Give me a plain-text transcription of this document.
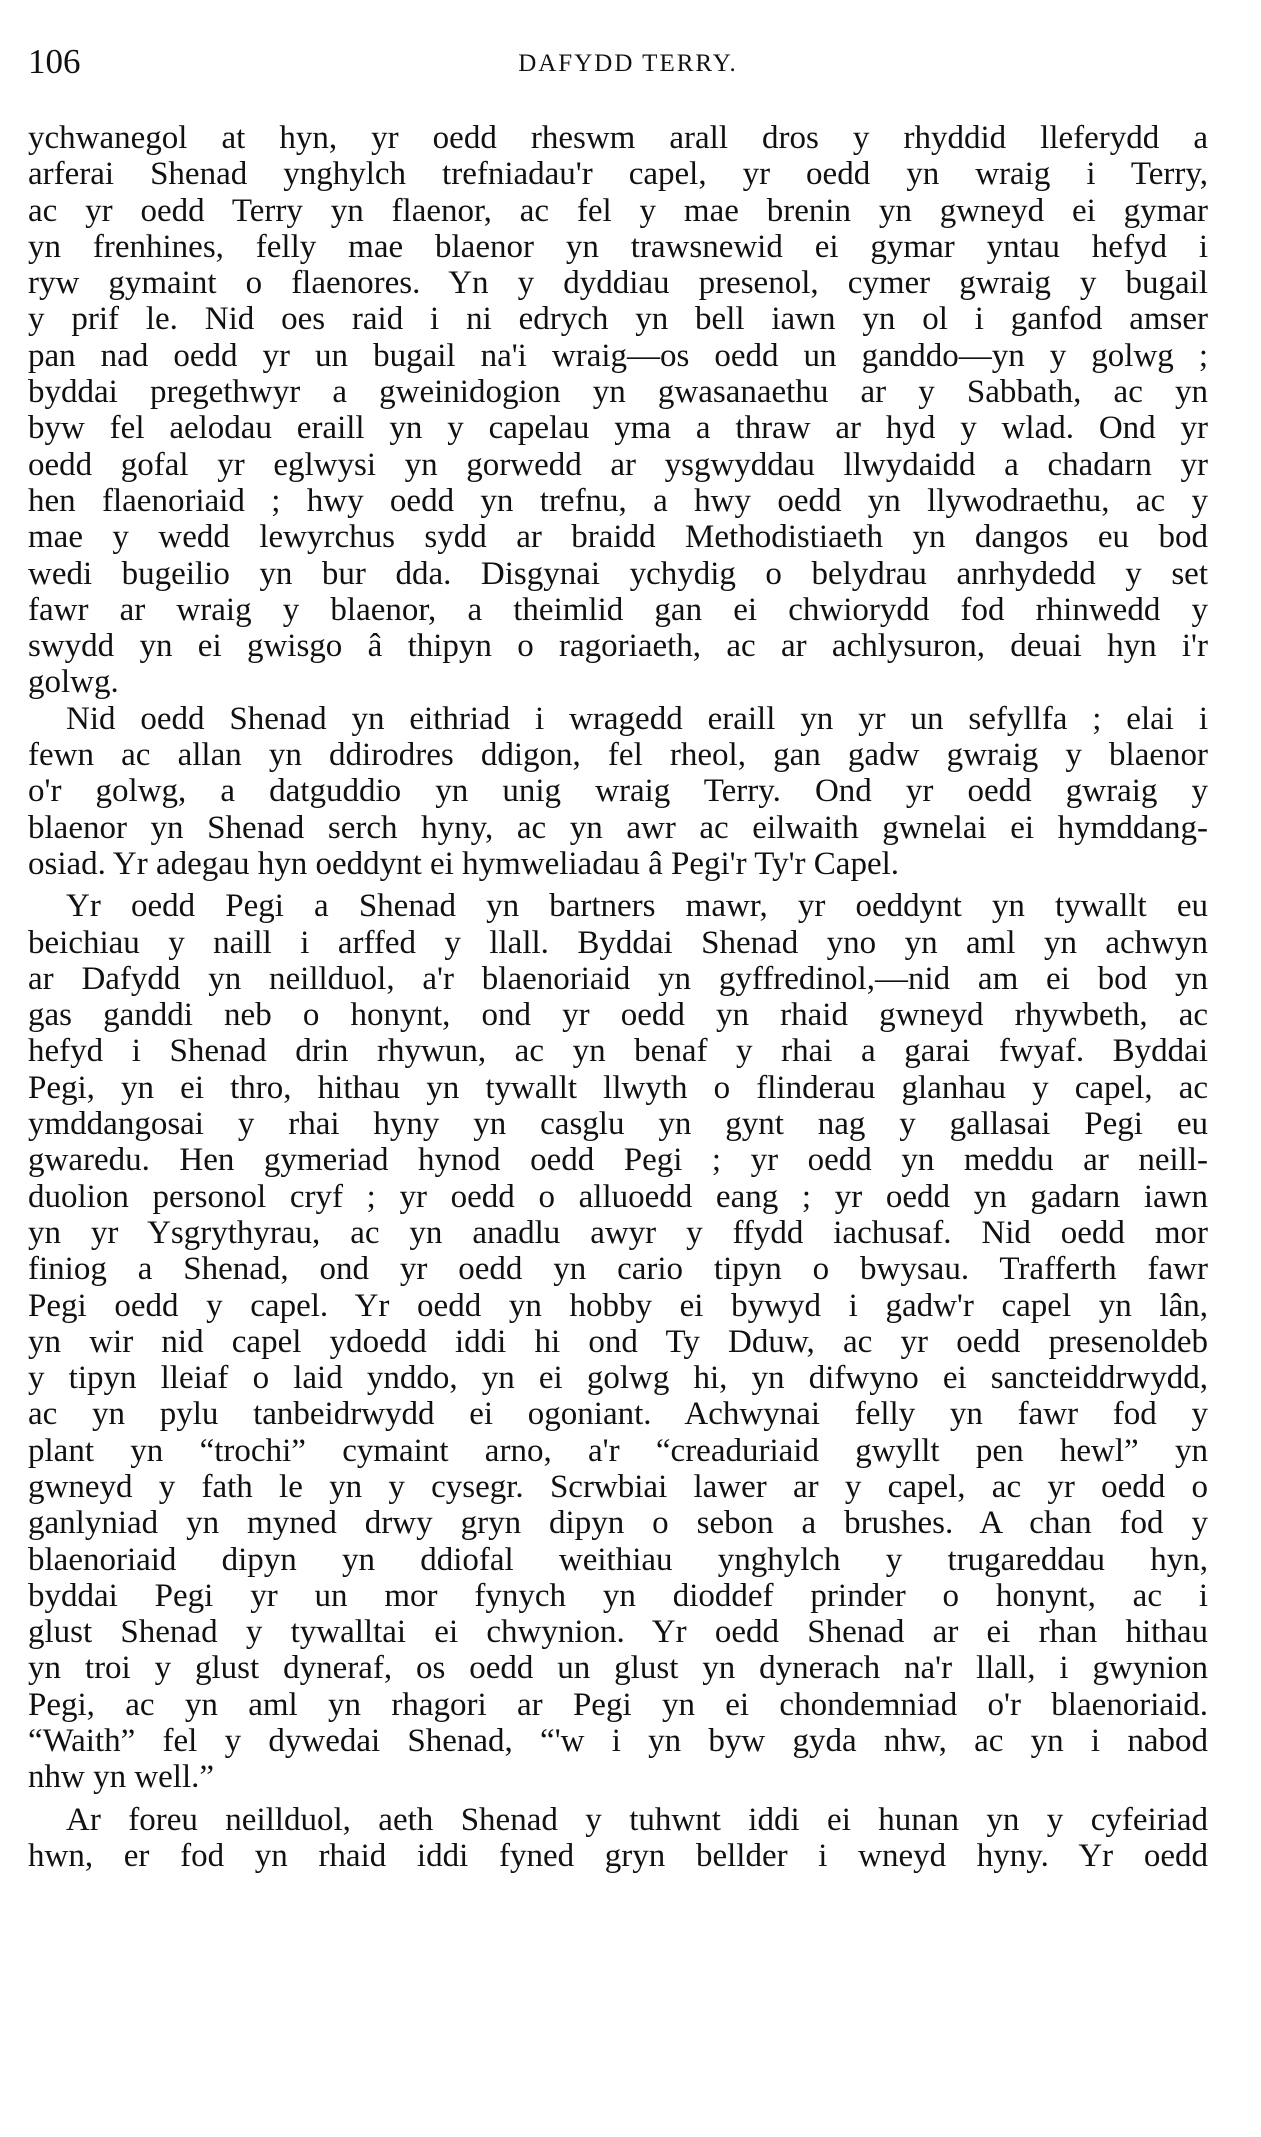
106	DAFYDD TERRY.
ychwanegol at hyn, yr oedd rheswm arall dros y rhyddid lleferydd a
arferai Shenad ynghylch trefniadau'r capel, yr oedd yn wraig i Terry,
ac yr oedd Terry yn flaenor, ac fel y mae brenin yn gwneyd ei gymar
yn frenhines, felly mae blaenor yn trawsnewid ei gymar yntau hefyd i
ryw gymaint o flaenores. Yn y dyddiau presenol, cymer gwraig y bugail
y prif le. Nid oes raid i ni edrych yn bell iawn yn ol i ganfod amser
pan nad oedd yr un bugail na'i wraig—os oedd un ganddo—yn y golwg ;
byddai pregethwyr a gweinidogion yn gwasanaethu ar y Sabbath, ac yn
byw fel aelodau eraill yn y capelau yma a thraw ar hyd y wlad. Ond yr
oedd gofal yr eglwysi yn gorwedd ar ysgwyddau llwydaidd a chadarn yr
hen flaenoriaid ; hwy oedd yn trefnu, a hwy oedd yn llywodraethu, ac y
mae y wedd lewyrchus sydd ar braidd Methodistiaeth yn dangos eu bod
wedi bugeilio yn bur dda. Disgynai ychydig o belydrau anrhydedd y set
fawr ar wraig y blaenor, a theimlid gan ei chwiorydd fod rhinwedd y
swydd yn ei gwisgo â thipyn o ragoriaeth, ac ar achlysuron, deuai hyn i'r
golwg.
Nid oedd Shenad yn eithriad i wragedd eraill yn yr un sefyllfa ; elai i
fewn ac allan yn ddirodres ddigon, fel rheol, gan gadw gwraig y blaenor
o'r golwg, a datguddio yn unig wraig Terry. Ond yr oedd gwraig y
blaenor yn Shenad serch hyny, ac yn awr ac eilwaith gwnelai ei hymddang-
osiad. Yr adegau hyn oeddynt ei hymweliadau â Pegi'r Ty'r Capel.
Yr oedd Pegi a Shenad yn bartners mawr, yr oeddynt yn tywallt eu
beichiau y naill i arffed y llall. Byddai Shenad yno yn aml yn achwyn
ar Dafydd yn neillduol, a'r blaenoriaid yn gyffredinol,—nid am ei bod yn
gas ganddi neb o honynt, ond yr oedd yn rhaid gwneyd rhywbeth, ac
hefyd i Shenad drin rhywun, ac yn benaf y rhai a garai fwyaf. Byddai
Pegi, yn ei thro, hithau yn tywallt llwyth o flinderau glanhau y capel, ac
ymddangosai y rhai hyny yn casglu yn gynt nag y gallasai Pegi eu
gwaredu. Hen gymeriad hynod oedd Pegi ; yr oedd yn meddu ar neill-
duolion personol cryf ; yr oedd o alluoedd eang ; yr oedd yn gadarn iawn
yn yr Ysgrythyrau, ac yn anadlu awyr y ffydd iachusaf. Nid oedd mor
finiog a Shenad, ond yr oedd yn cario tipyn o bwysau. Trafferth fawr
Pegi oedd y capel. Yr oedd yn hobby ei bywyd i gadw'r capel yn lân,
yn wir nid capel ydoedd iddi hi ond Ty Dduw, ac yr oedd presenoldeb
y tipyn lleiaf o laid ynddo, yn ei golwg hi, yn difwyno ei sancteiddrwydd,
ac yn pylu tanbeidrwydd ei ogoniant. Achwynai felly yn fawr fod y
plant yn “trochi” cymaint arno, a'r “creaduriaid gwyllt pen hewl” yn
gwneyd y fath le yn y cysegr. Scrwbiai lawer ar y capel, ac yr oedd o
ganlyniad yn myned drwy gryn dipyn o sebon a brushes. A chan fod y
blaenoriaid dipyn yn ddiofal weithiau ynghylch y trugareddau hyn,
byddai Pegi yr un mor fynych yn dioddef prinder o honynt, ac i
glust Shenad y tywalltai ei chwynion. Yr oedd Shenad ar ei rhan hithau
yn troi y glust dyneraf, os oedd un glust yn dynerach na'r llall, i gwynion
Pegi, ac yn aml yn rhagori ar Pegi yn ei chondemniad o'r blaenoriaid.
“Waith” fel y dywedai Shenad, “'w i yn byw gyda nhw, ac yn i nabod
nhw yn well.”
Ar foreu neillduol, aeth Shenad y tuhwnt iddi ei hunan yn y cyfeiriad
hwn, er fod yn rhaid iddi fyned gryn bellder i wneyd hyny. Yr oedd
